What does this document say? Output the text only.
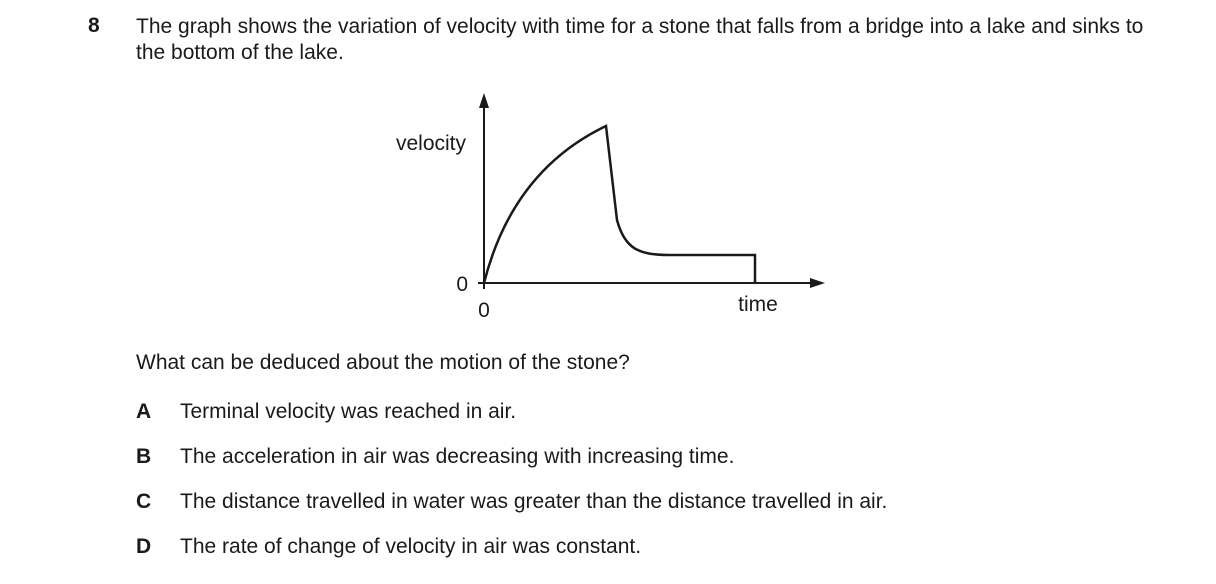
8 The graph shows the variation of velocity with time for a stone that falls from a bridge into a lake and sinks to the bottom of the lake.
velocity
time
0
0
What can be deduced about the motion of the stone?
A	Terminal velocity was reached in air.
B	The acceleration in air was decreasing with increasing time.
C	The distance travelled in water was greater than the distance travelled in air.
D	The rate of change of velocity in air was constant.
